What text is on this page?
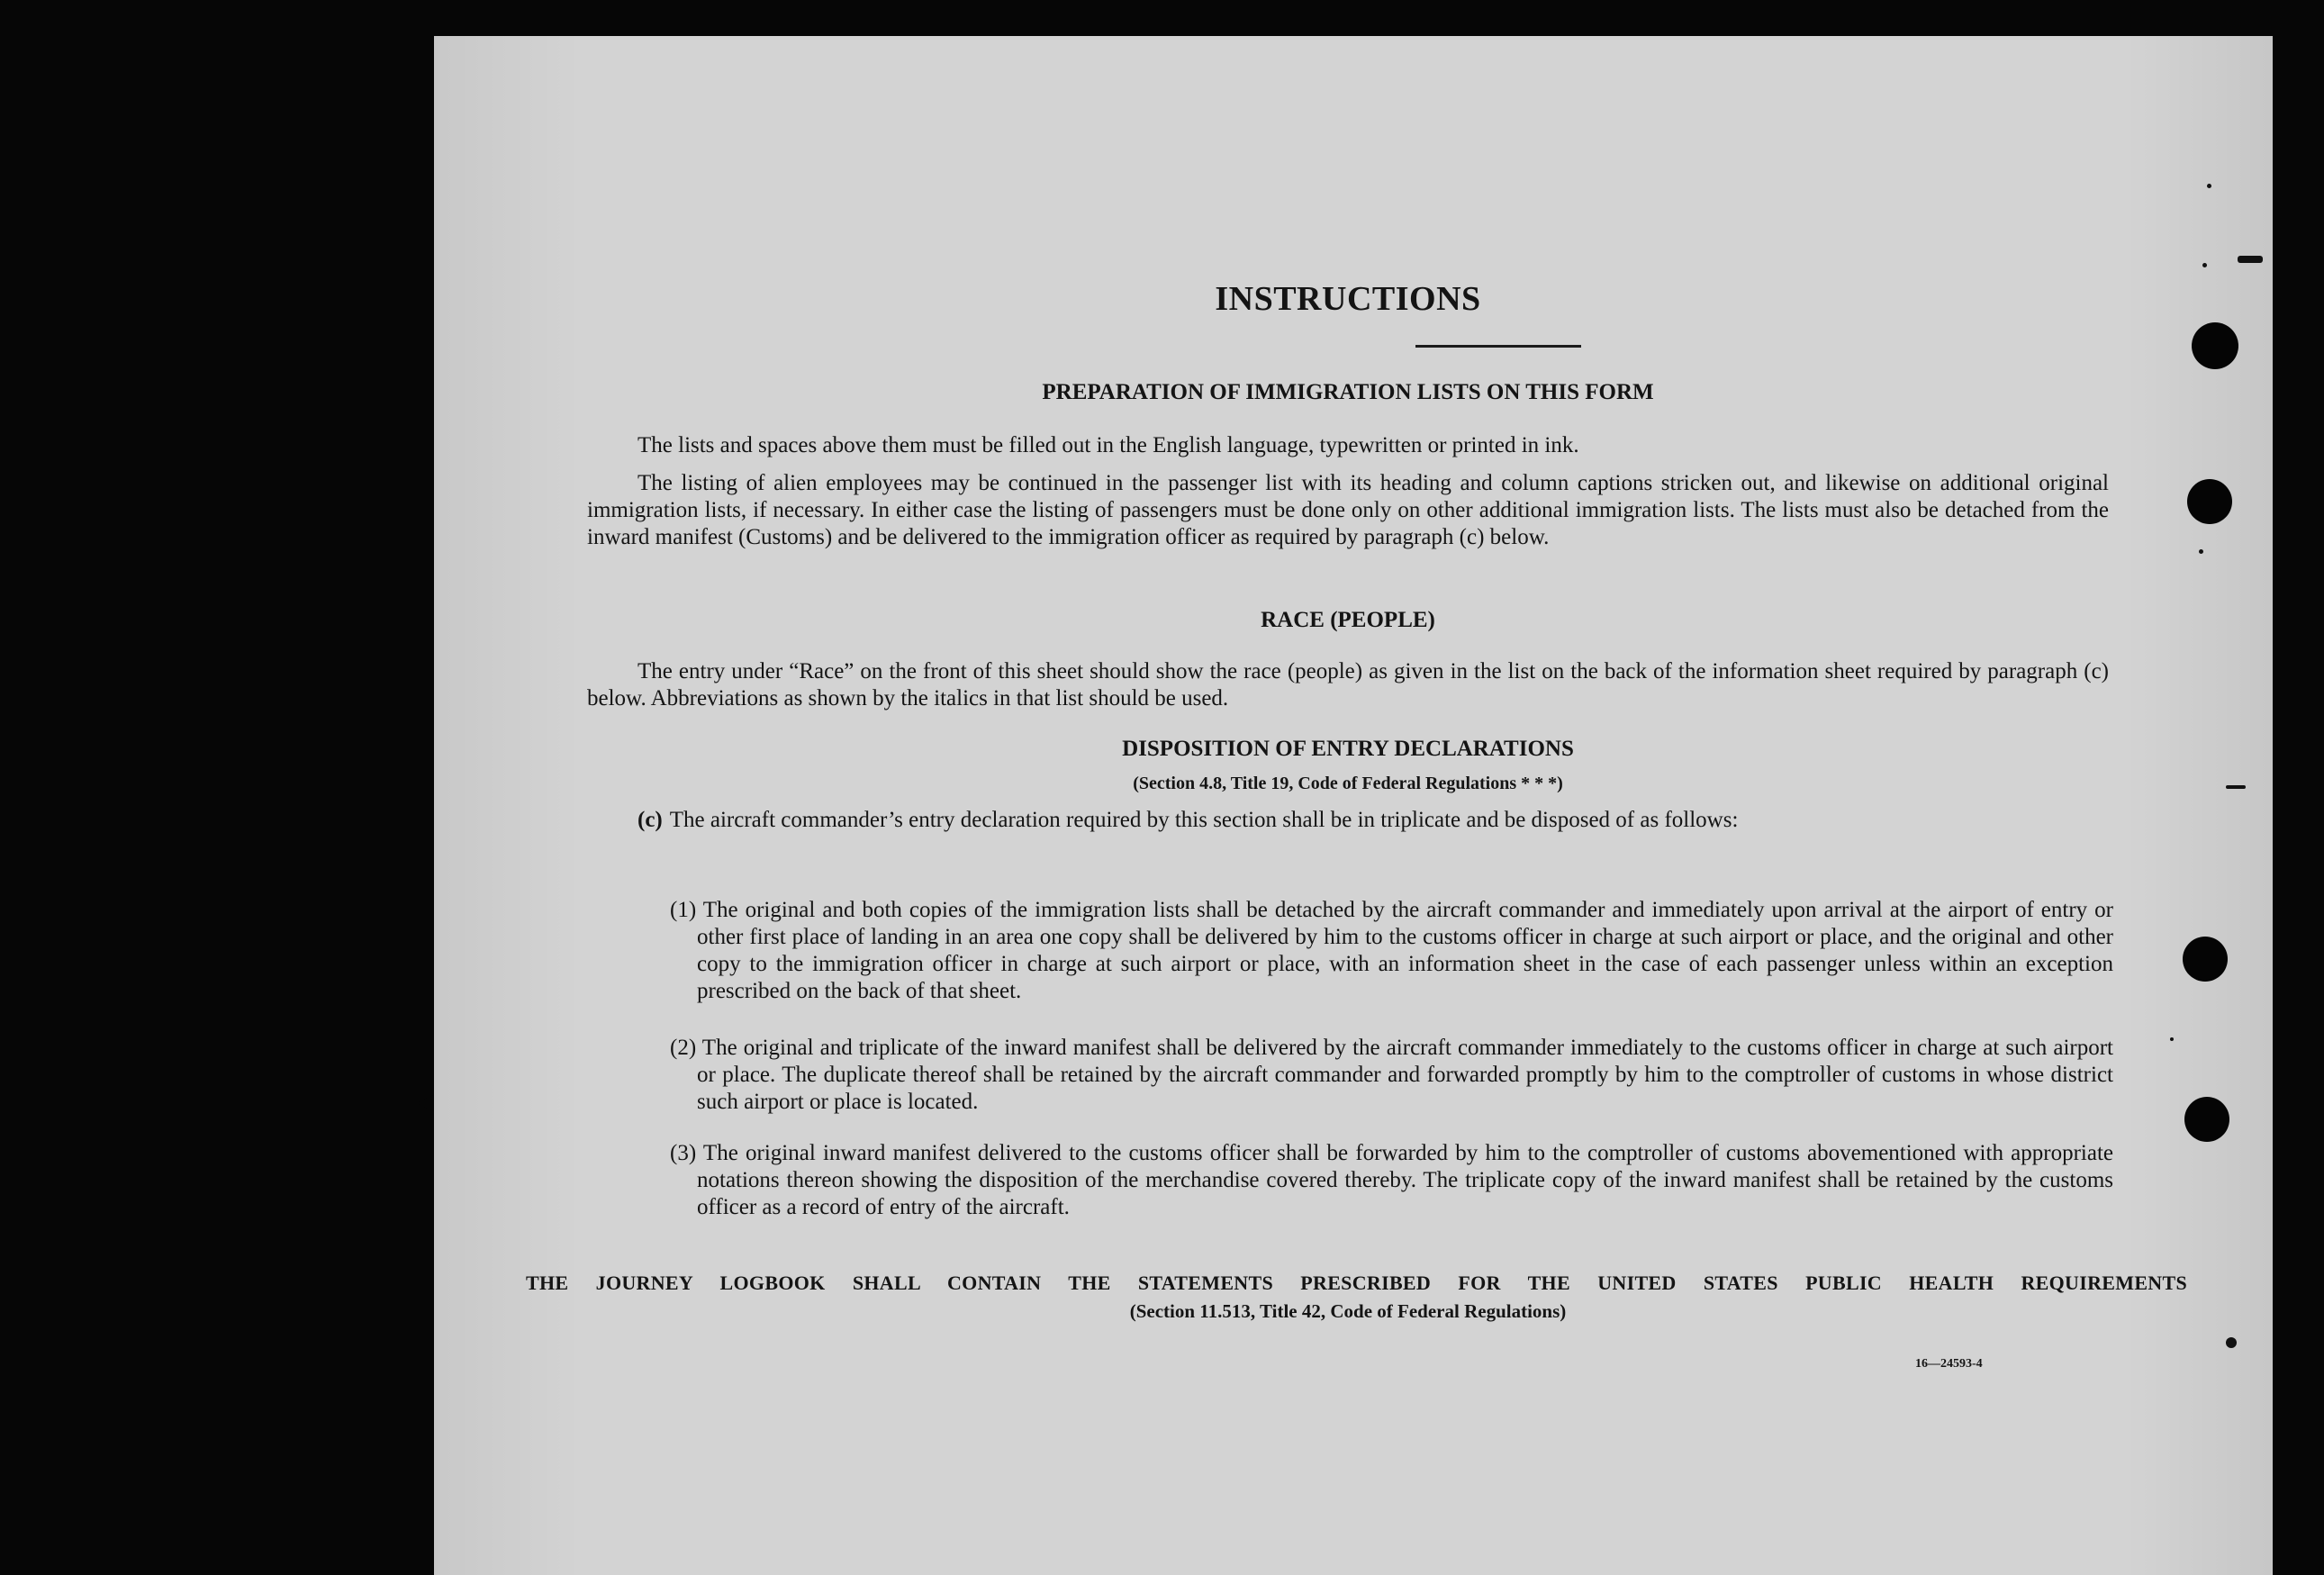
INSTRUCTIONS
PREPARATION OF IMMIGRATION LISTS ON THIS FORM
The lists and spaces above them must be filled out in the English language, typewritten or printed in ink.
The listing of alien employees may be continued in the passenger list with its heading and column captions stricken out, and likewise on additional original immigration lists, if necessary. In either case the listing of passengers must be done only on other additional immigration lists. The lists must also be detached from the inward manifest (Customs) and be delivered to the immigration officer as required by paragraph (c) below.
RACE (PEOPLE)
The entry under “Race” on the front of this sheet should show the race (people) as given in the list on the back of the information sheet required by paragraph (c) below. Abbreviations as shown by the italics in that list should be used.
DISPOSITION OF ENTRY DECLARATIONS
(Section 4.8, Title 19, Code of Federal Regulations * * *)
(c) The aircraft commander’s entry declaration required by this section shall be in triplicate and be disposed of as follows:
(1) The original and both copies of the immigration lists shall be detached by the aircraft commander and immediately upon arrival at the airport of entry or other first place of landing in an area one copy shall be delivered by him to the customs officer in charge at such airport or place, and the original and other copy to the immigration officer in charge at such airport or place, with an information sheet in the case of each passenger unless within an exception prescribed on the back of that sheet.
(2) The original and triplicate of the inward manifest shall be delivered by the aircraft commander immediately to the customs officer in charge at such airport or place. The duplicate thereof shall be retained by the aircraft commander and forwarded promptly by him to the comptroller of customs in whose district such airport or place is located.
(3) The original inward manifest delivered to the customs officer shall be forwarded by him to the comptroller of customs abovementioned with appropriate notations thereon showing the disposition of the merchandise covered thereby. The triplicate copy of the inward manifest shall be retained by the customs officer as a record of entry of the aircraft.
THE JOURNEY LOGBOOK SHALL CONTAIN THE STATEMENTS PRESCRIBED FOR THE UNITED STATES PUBLIC HEALTH REQUIREMENTS
(Section 11.513, Title 42, Code of Federal Regulations)
16—24593-4
